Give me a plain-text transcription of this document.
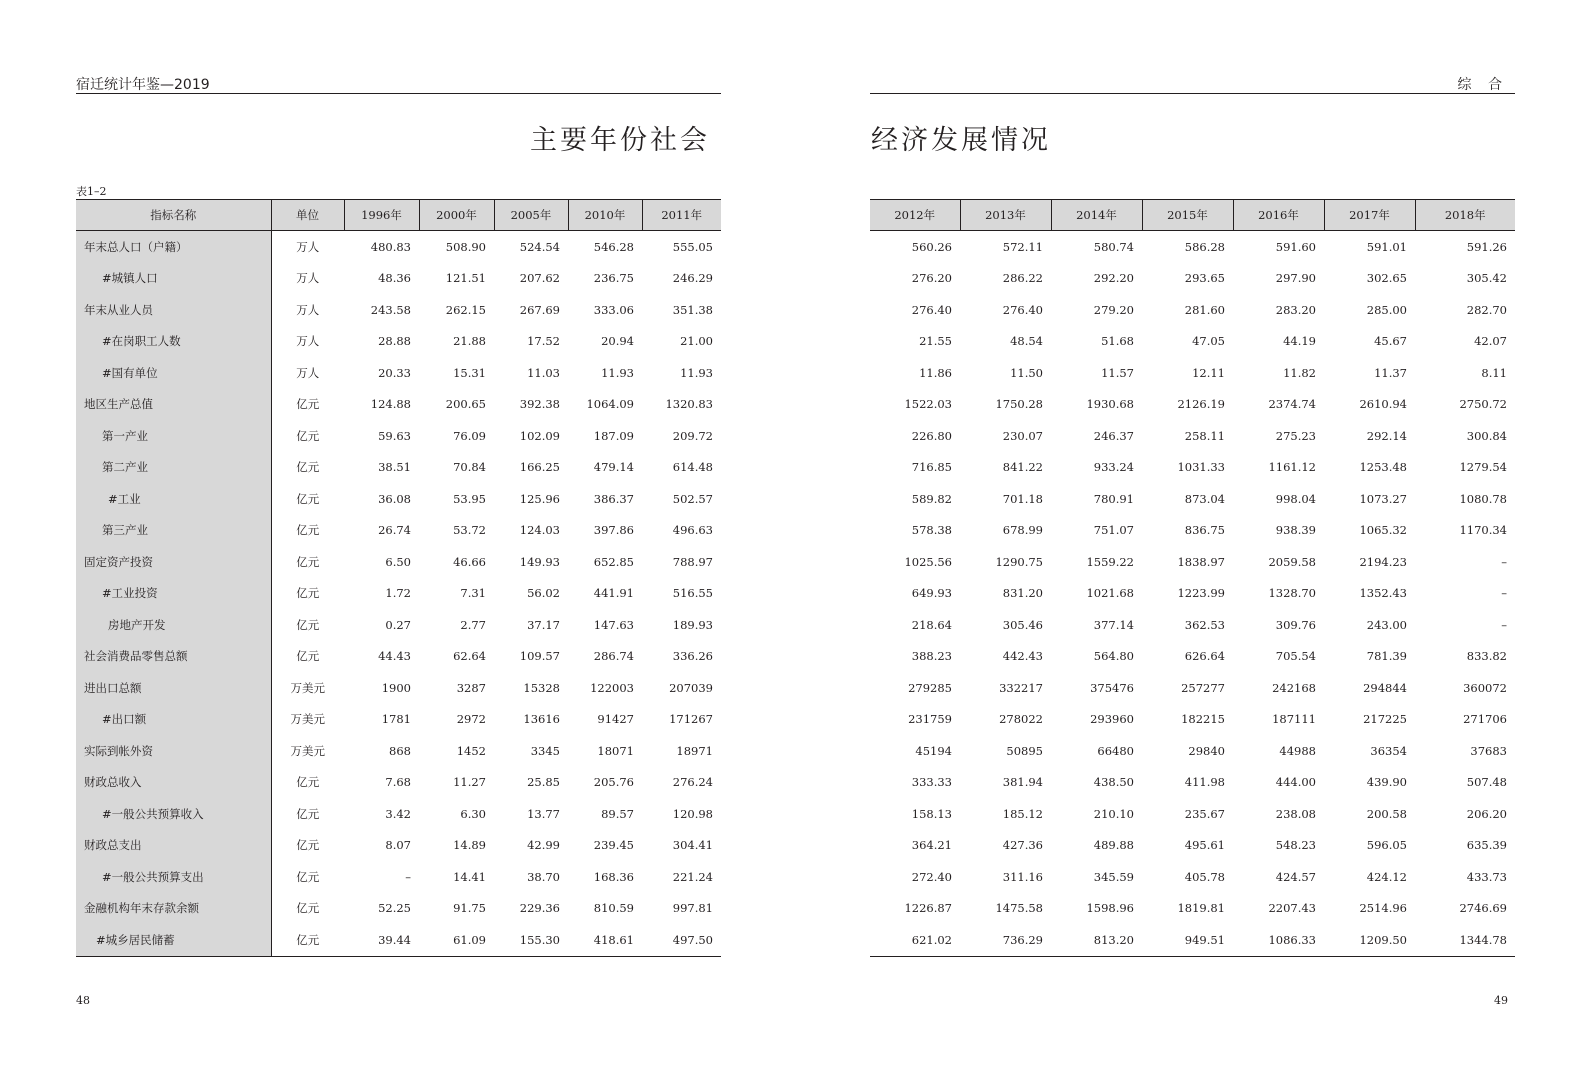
宿迁统计年鉴—2019
主要年份社会
表1–2
指标名称	单位	1996年	2000年	2005年	2010年	2011年
年末总人口（户籍）	万人	480.83	508.90	524.54	546.28	555.05
#城镇人口	万人	48.36	121.51	207.62	236.75	246.29
年末从业人员	万人	243.58	262.15	267.69	333.06	351.38
#在岗职工人数	万人	28.88	21.88	17.52	20.94	21.00
#国有单位	万人	20.33	15.31	11.03	11.93	11.93
地区生产总值	亿元	124.88	200.65	392.38	1064.09	1320.83
第一产业	亿元	59.63	76.09	102.09	187.09	209.72
第二产业	亿元	38.51	70.84	166.25	479.14	614.48
#工业	亿元	36.08	53.95	125.96	386.37	502.57
第三产业	亿元	26.74	53.72	124.03	397.86	496.63
固定资产投资	亿元	6.50	46.66	149.93	652.85	788.97
#工业投资	亿元	1.72	7.31	56.02	441.91	516.55
房地产开发	亿元	0.27	2.77	37.17	147.63	189.93
社会消费品零售总额	亿元	44.43	62.64	109.57	286.74	336.26
进出口总额	万美元	1900	3287	15328	122003	207039
#出口额	万美元	1781	2972	13616	91427	171267
实际到帐外资	万美元	868	1452	3345	18071	18971
财政总收入	亿元	7.68	11.27	25.85	205.76	276.24
#一般公共预算收入	亿元	3.42	6.30	13.77	89.57	120.98
财政总支出	亿元	8.07	14.89	42.99	239.45	304.41
#一般公共预算支出	亿元	–	14.41	38.70	168.36	221.24
金融机构年末存款余额	亿元	52.25	91.75	229.36	810.59	997.81
#城乡居民储蓄	亿元	39.44	61.09	155.30	418.61	497.50
48
综 合
经济发展情况
2012年	2013年	2014年	2015年	2016年	2017年	2018年
560.26	572.11	580.74	586.28	591.60	591.01	591.26
276.20	286.22	292.20	293.65	297.90	302.65	305.42
276.40	276.40	279.20	281.60	283.20	285.00	282.70
21.55	48.54	51.68	47.05	44.19	45.67	42.07
11.86	11.50	11.57	12.11	11.82	11.37	8.11
1522.03	1750.28	1930.68	2126.19	2374.74	2610.94	2750.72
226.80	230.07	246.37	258.11	275.23	292.14	300.84
716.85	841.22	933.24	1031.33	1161.12	1253.48	1279.54
589.82	701.18	780.91	873.04	998.04	1073.27	1080.78
578.38	678.99	751.07	836.75	938.39	1065.32	1170.34
1025.56	1290.75	1559.22	1838.97	2059.58	2194.23	–
649.93	831.20	1021.68	1223.99	1328.70	1352.43	–
218.64	305.46	377.14	362.53	309.76	243.00	–
388.23	442.43	564.80	626.64	705.54	781.39	833.82
279285	332217	375476	257277	242168	294844	360072
231759	278022	293960	182215	187111	217225	271706
45194	50895	66480	29840	44988	36354	37683
333.33	381.94	438.50	411.98	444.00	439.90	507.48
158.13	185.12	210.10	235.67	238.08	200.58	206.20
364.21	427.36	489.88	495.61	548.23	596.05	635.39
272.40	311.16	345.59	405.78	424.57	424.12	433.73
1226.87	1475.58	1598.96	1819.81	2207.43	2514.96	2746.69
621.02	736.29	813.20	949.51	1086.33	1209.50	1344.78
49
